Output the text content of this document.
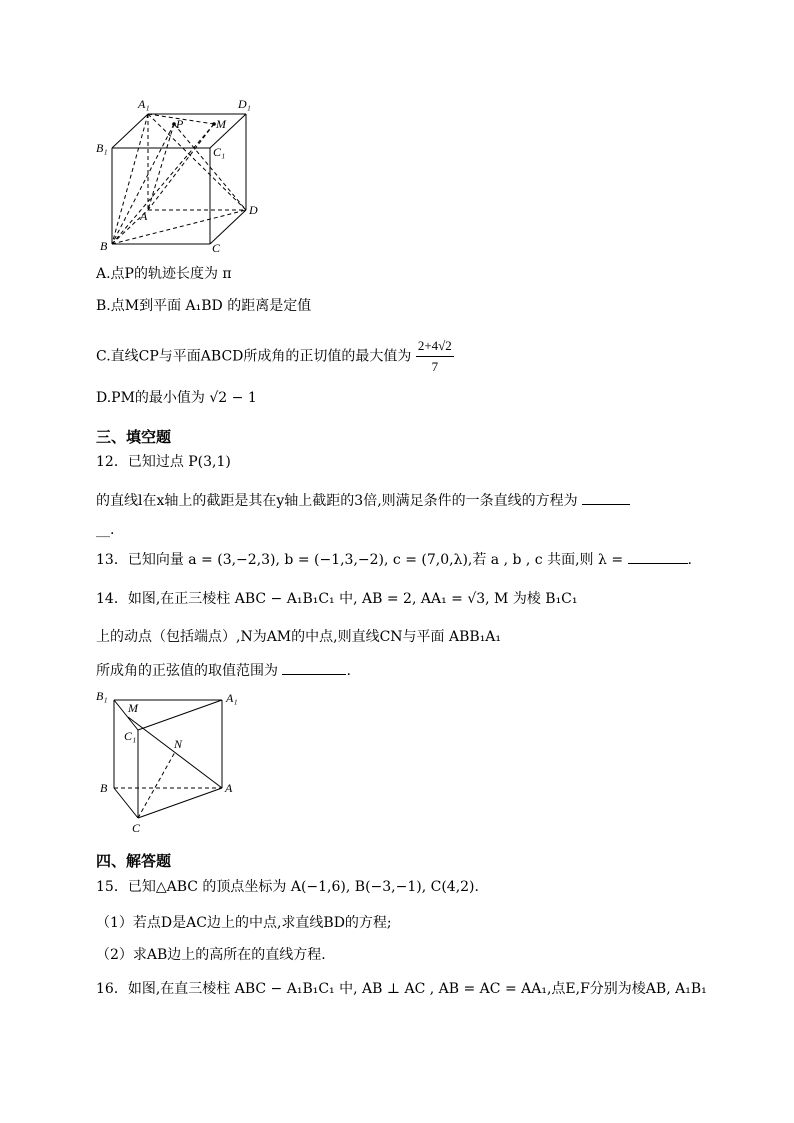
A₁	D₁
B₁	C₁
P	M
A	D
B	C
A.点P的轨迹长度为 π
B.点M到平面 A₁BD 的距离是定值
C.直线CP与平面ABCD所成角的正切值的最大值为 $\frac{2+4√2}{7}$
D.PM的最小值为 √2 − 1
三、填空题
12．已知过点 P(3,1)
的直线l在x轴上的截距是其在y轴上截距的3倍,则满足条件的一条直线的方程为
__.
13．已知向量 a = (3,−2,3), b = (−1,3,−2), c = (7,0,λ),若 a , b , c 共面,则 λ =	.
14．如图,在正三棱柱 ABC − A₁B₁C₁ 中, AB = 2, AA₁ = √3, M 为棱 B₁C₁
上的动点（包括端点）,N为AM的中点,则直线CN与平面 ABB₁A₁
所成角的正弦值的取值范围为	.
B₁	A₁
M
C₁
N
B	A
C
四、解答题
15．已知△ABC 的顶点坐标为 A(−1,6), B(−3,−1), C(4,2).
（1）若点D是AC边上的中点,求直线BD的方程;
（2）求AB边上的高所在的直线方程.
16．如图,在直三棱柱 ABC − A₁B₁C₁ 中, AB ⊥ AC , AB = AC = AA₁,点E,F分别为棱AB, A₁B₁
